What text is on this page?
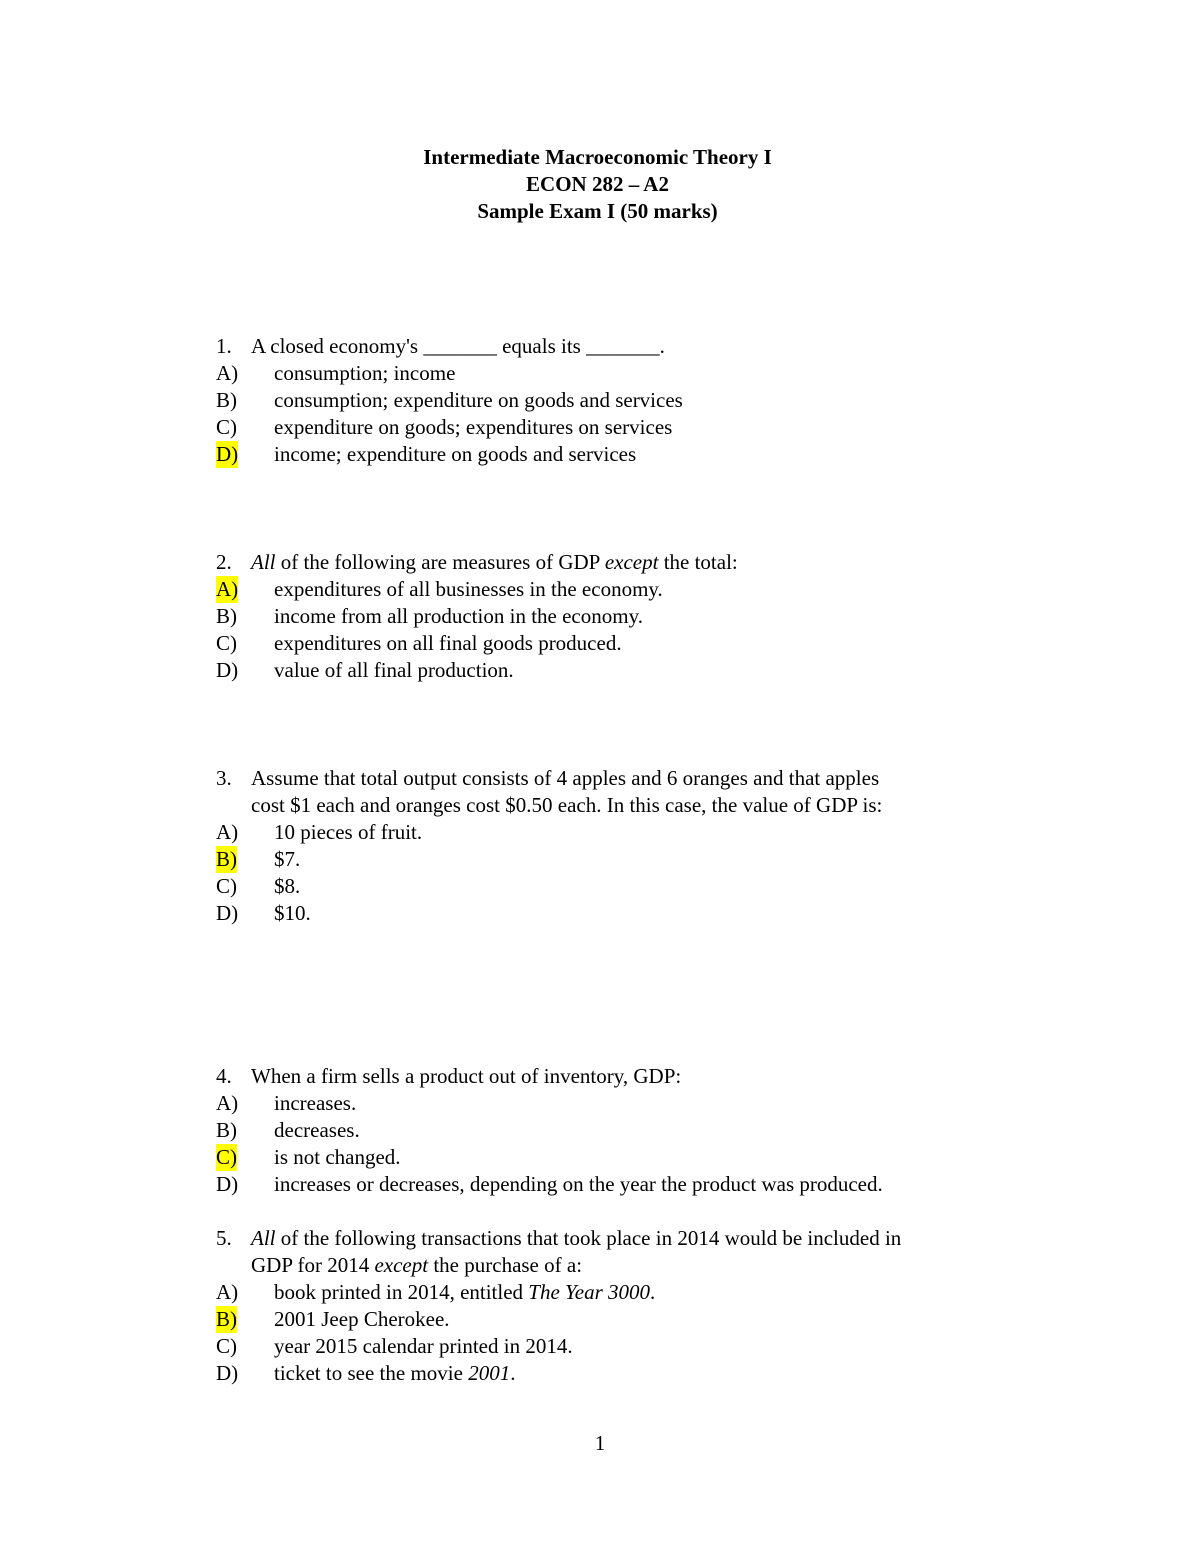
Intermediate Macroeconomic Theory I
ECON 282 – A2
Sample Exam I (50 marks)
1. A closed economy's _______ equals its _______.
A) consumption; income
B) consumption; expenditure on goods and services
C) expenditure on goods; expenditures on services
D) income; expenditure on goods and services
2. All of the following are measures of GDP except the total:
A) expenditures of all businesses in the economy.
B) income from all production in the economy.
C) expenditures on all final goods produced.
D) value of all final production.
3. Assume that total output consists of 4 apples and 6 oranges and that apples
cost $1 each and oranges cost $0.50 each. In this case, the value of GDP is:
A) 10 pieces of fruit.
B) $7.
C) $8.
D) $10.
4. When a firm sells a product out of inventory, GDP:
A) increases.
B) decreases.
C) is not changed.
D) increases or decreases, depending on the year the product was produced.
5. All of the following transactions that took place in 2014 would be included in
GDP for 2014 except the purchase of a:
A) book printed in 2014, entitled The Year 3000.
B) 2001 Jeep Cherokee.
C) year 2015 calendar printed in 2014.
D) ticket to see the movie 2001.
1
